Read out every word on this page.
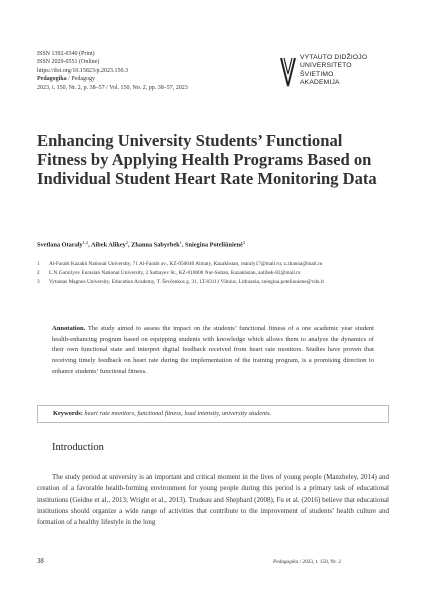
ISSN 1392-0340 (Print)
ISSN 2029-0551 (Online)
https://doi.org/10.15823/p.2023.150.3
Pedagogika / Pedagogy
2023, t. 150, Nr. 2, p. 38–57 / Vol. 150, No. 2, pp. 38–57, 2023
VYTAUTO DIDŽIOJO
UNIVERSITETO
ŠVIETIMO
AKADEMIJA
Enhancing University Students’ Functional Fitness by Applying Health Programs Based on Individual Student Heart Rate Monitoring Data
Svetlana Otaraly$^{1,2}$, Aibek Alikey$^2$, Zhanna Sabyrbek$^1$, Sniegina Poteliūnienė$^3$
1	Al-Farabi Kazakh National University, 71 Al-Farabi av., KZ-050040 Almaty, Kazakhstan, otaraly17@mail.ru; z.zhanna@mail.ru
2	L.N.Gumilyov Eurasian National University, 2 Satbayev St., KZ-010000 Nur-Sultan, Kazakhstan, aalibek-82@mail.ru
3	Vytautas Magnus University, Education Academy, T. Ševčenkos g. 31, LT-03111 Vilnius, Lithuania, sniegina.poteliuniene@vdu.lt
Annotation. The study aimed to assess the impact on the students’ functional fitness of a one academic year student health-enhancing program based on equipping students with knowledge which allows them to analyze the dynamics of their own functional state and interpret digital feedback received from heart rate monitors. Studies have proven that receiving timely feedback on heart rate during the implementation of the training program, is a promising direction to enhance students’ functional fitness.
Keywords: heart rate monitors, functional fitness, load intensity, university students.
Introduction

The study period at university is an important and critical moment in the lives of young people (Manzheley, 2014) and creation of a favorable health-forming environment for young people during this period is a primary task of educational institutions (Geidne et al., 2013; Wright et al., 2013). Trudeau and Shephard (2008), Fu et al. (2016) believe that educational institutions should organize a wide range of activities that contribute to the improvement of students’ health culture and formation of a healthy lifestyle in the long

38	Pedagogika / 2023, t. 150, Nr. 2
